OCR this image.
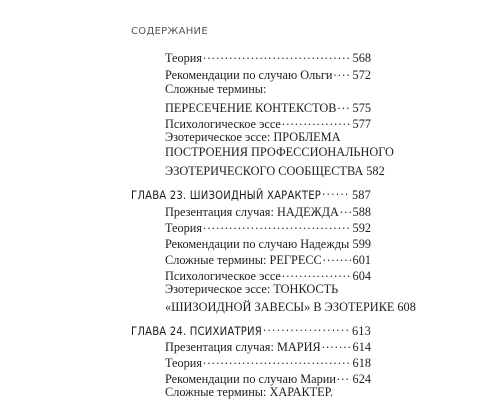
СОДЕРЖАНИЕ
Теория . . .	568
Рекомендации по случаю Ольги . . . 572
Сложные термины:
ПЕРЕСЕЧЕНИЕ КОНТЕКСТОВ . . . 575
Психологическое эссе . . .	577
Эзотерическое эссе: ПРОБЛЕМА
ПОСТРОЕНИЯ ПРОФЕССИОНАЛЬНОГО
ЭЗОТЕРИЧЕСКОГО СООБЩЕСТВА 582
ГЛАВА 23. ШИЗОИДНЫЙ ХАРАКТЕР . . .	587
Презентация случая: НАДЕЖДА . . . 588
Теория . . .	592
Рекомендации по случаю Надежды . . . 599
Сложные термины: РЕГРЕСС . . .	601
Психологическое эссе . . .	604
Эзотерическое эссе: ТОНКОСТЬ
«ШИЗОИДНОЙ ЗАВЕСЫ» В ЭЗОТЕРИКЕ 608
ГЛАВА 24. ПСИХИАТРИЯ . . .	613
Презентация случая: МАРИЯ . . .	614
Теория . . .	618
Рекомендации по случаю Марии . . . 624
Сложные термины: ХАРАКТЕР.
